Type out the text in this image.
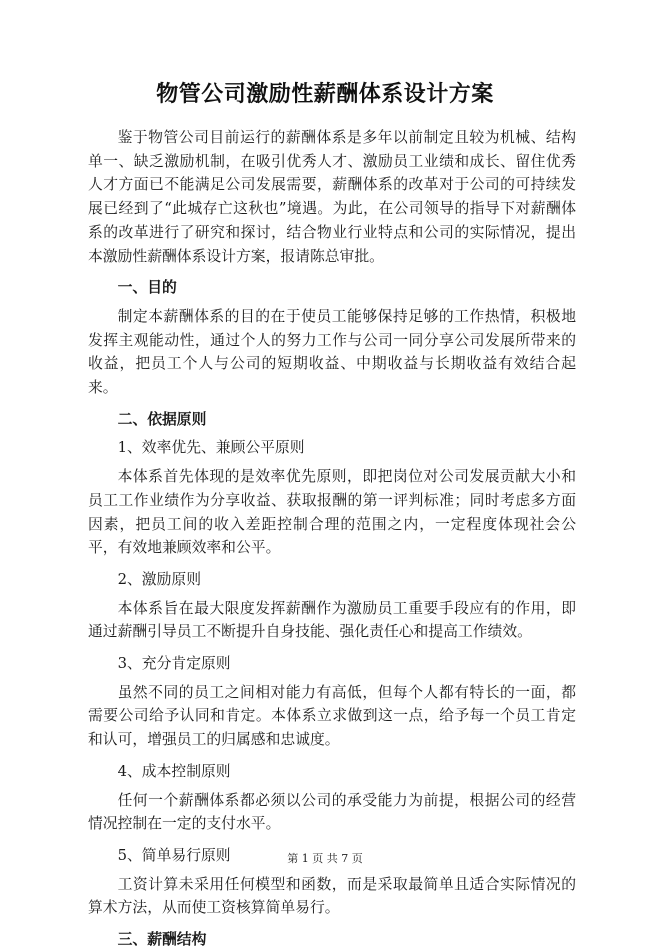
物管公司激励性薪酬体系设计方案

鉴于物管公司目前运行的薪酬体系是多年以前制定且较为机械、结构单一、缺乏激励机制，在吸引优秀人才、激励员工业绩和成长、留住优秀人才方面已不能满足公司发展需要，薪酬体系的改革对于公司的可持续发展已经到了“此城存亡这秋也”境遇。为此，在公司领导的指导下对薪酬体系的改革进行了研究和探讨，结合物业行业特点和公司的实际情况，提出本激励性薪酬体系设计方案，报请陈总审批。

一、目的

制定本薪酬体系的目的在于使员工能够保持足够的工作热情，积极地发挥主观能动性，通过个人的努力工作与公司一同分享公司发展所带来的收益，把员工个人与公司的短期收益、中期收益与长期收益有效结合起来。

二、依据原则

1、效率优先、兼顾公平原则

本体系首先体现的是效率优先原则，即把岗位对公司发展贡献大小和员工工作业绩作为分享收益、获取报酬的第一评判标准；同时考虑多方面因素，把员工间的收入差距控制合理的范围之内，一定程度体现社会公平，有效地兼顾效率和公平。

2、激励原则

本体系旨在最大限度发挥薪酬作为激励员工重要手段应有的作用，即通过薪酬引导员工不断提升自身技能、强化责任心和提高工作绩效。

3、充分肯定原则

虽然不同的员工之间相对能力有高低，但每个人都有特长的一面，都需要公司给予认同和肯定。本体系立求做到这一点，给予每一个员工肯定和认可，增强员工的归属感和忠诚度。

4、成本控制原则

任何一个薪酬体系都必须以公司的承受能力为前提，根据公司的经营情况控制在一定的支付水平。

5、简单易行原则

工资计算未采用任何模型和函数，而是采取最简单且适合实际情况的算术方法，从而使工资核算简单易行。

三、薪酬结构

第 1 页 共 7 页
